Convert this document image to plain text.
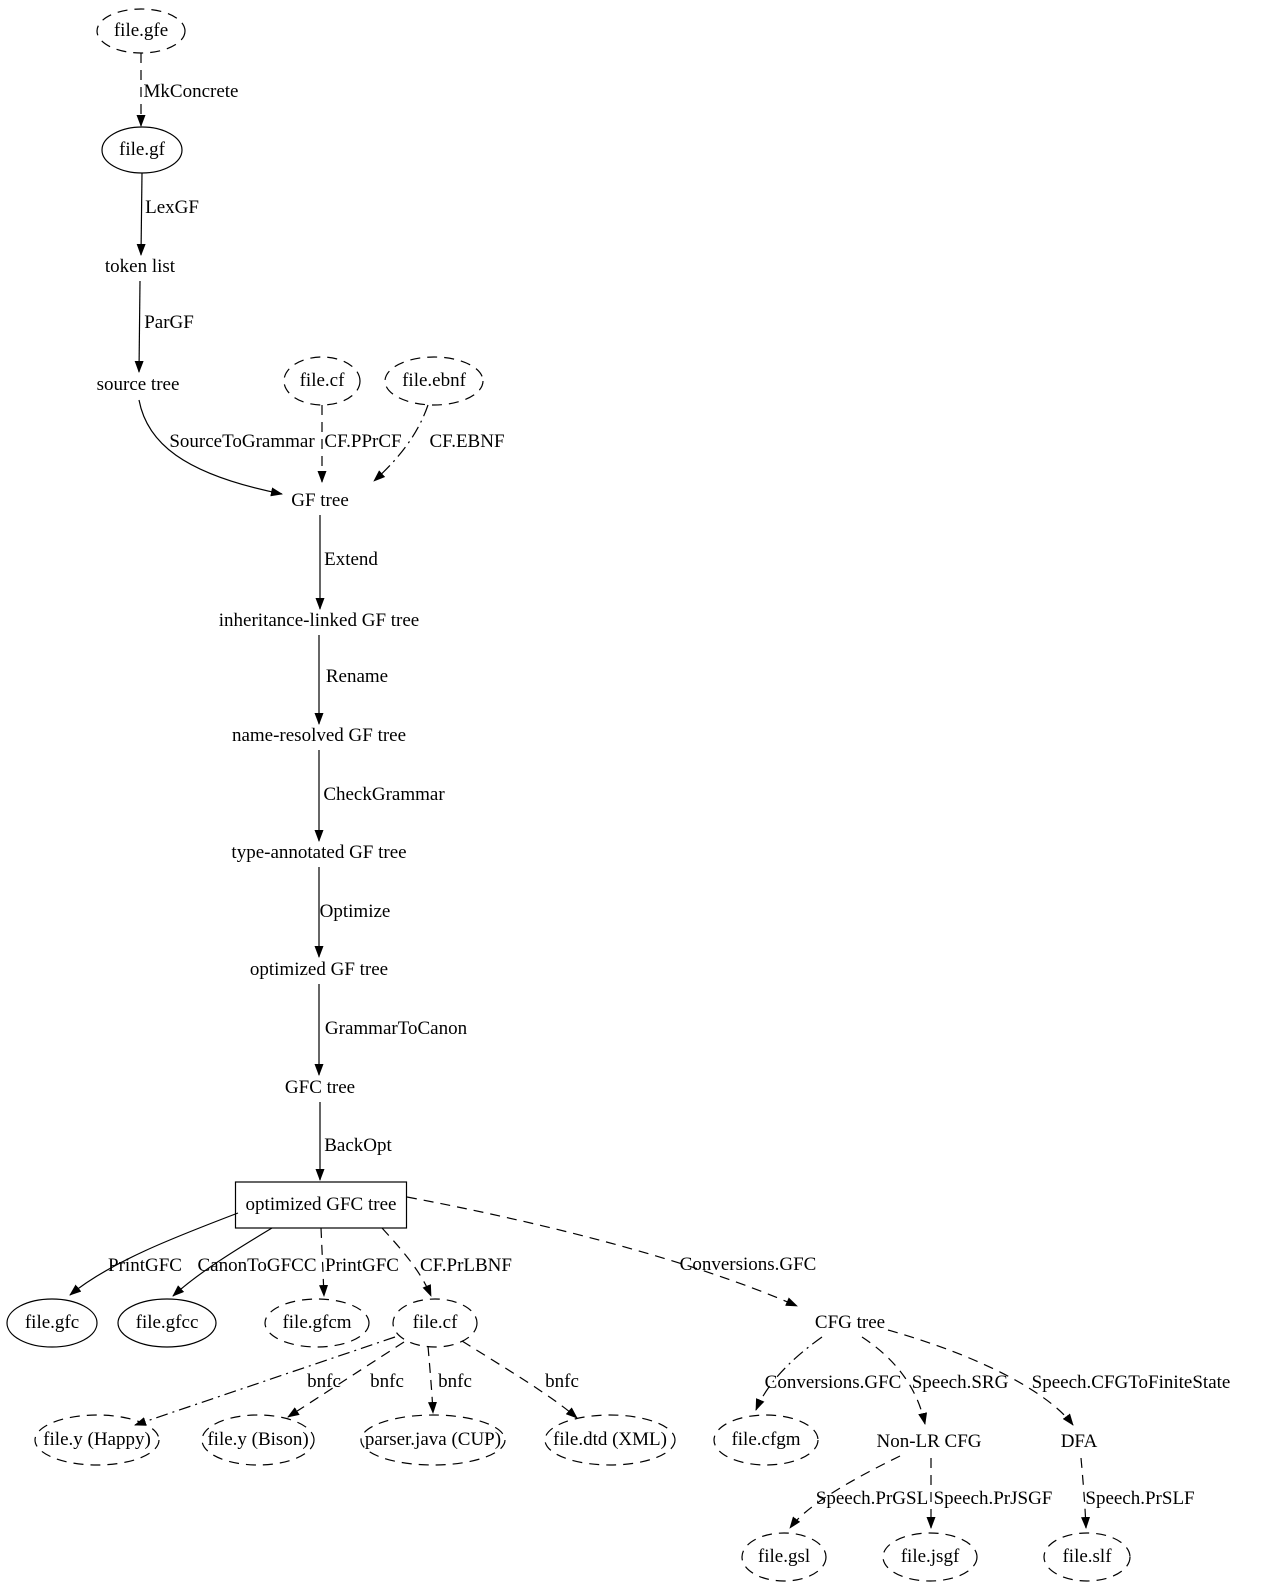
file.gfe
file.gf
token list
source tree	file.cf	file.ebnf
GF tree
inheritance-linked GF tree
name-resolved GF tree
type-annotated GF tree
optimized GF tree
GFC tree
optimized GFC tree
file.gfc	file.gfcc	file.gfcm	file.cf	CFG tree
file.y (Happy)	file.y (Bison)	parser.java (CUP)	file.dtd (XML)	file.cfgm	Non-LR CFG	DFA
file.gsl	file.jsgf	file.slf
MkConcrete
LexGF
ParGF
SourceToGrammar CF.PPrCF CF.EBNF
Extend
Rename
CheckGrammar
Optimize
GrammarToCanon
BackOpt
PrintGFC CanonToGFCC PrintGFC CF.PrLBNF	Conversions.GFC
bnfc bnfc bnfc	bnfc	Conversions.GFC Speech.SRG Speech.CFGToFiniteState
Speech.PrGSL Speech.PrJSGF Speech.PrSLF
